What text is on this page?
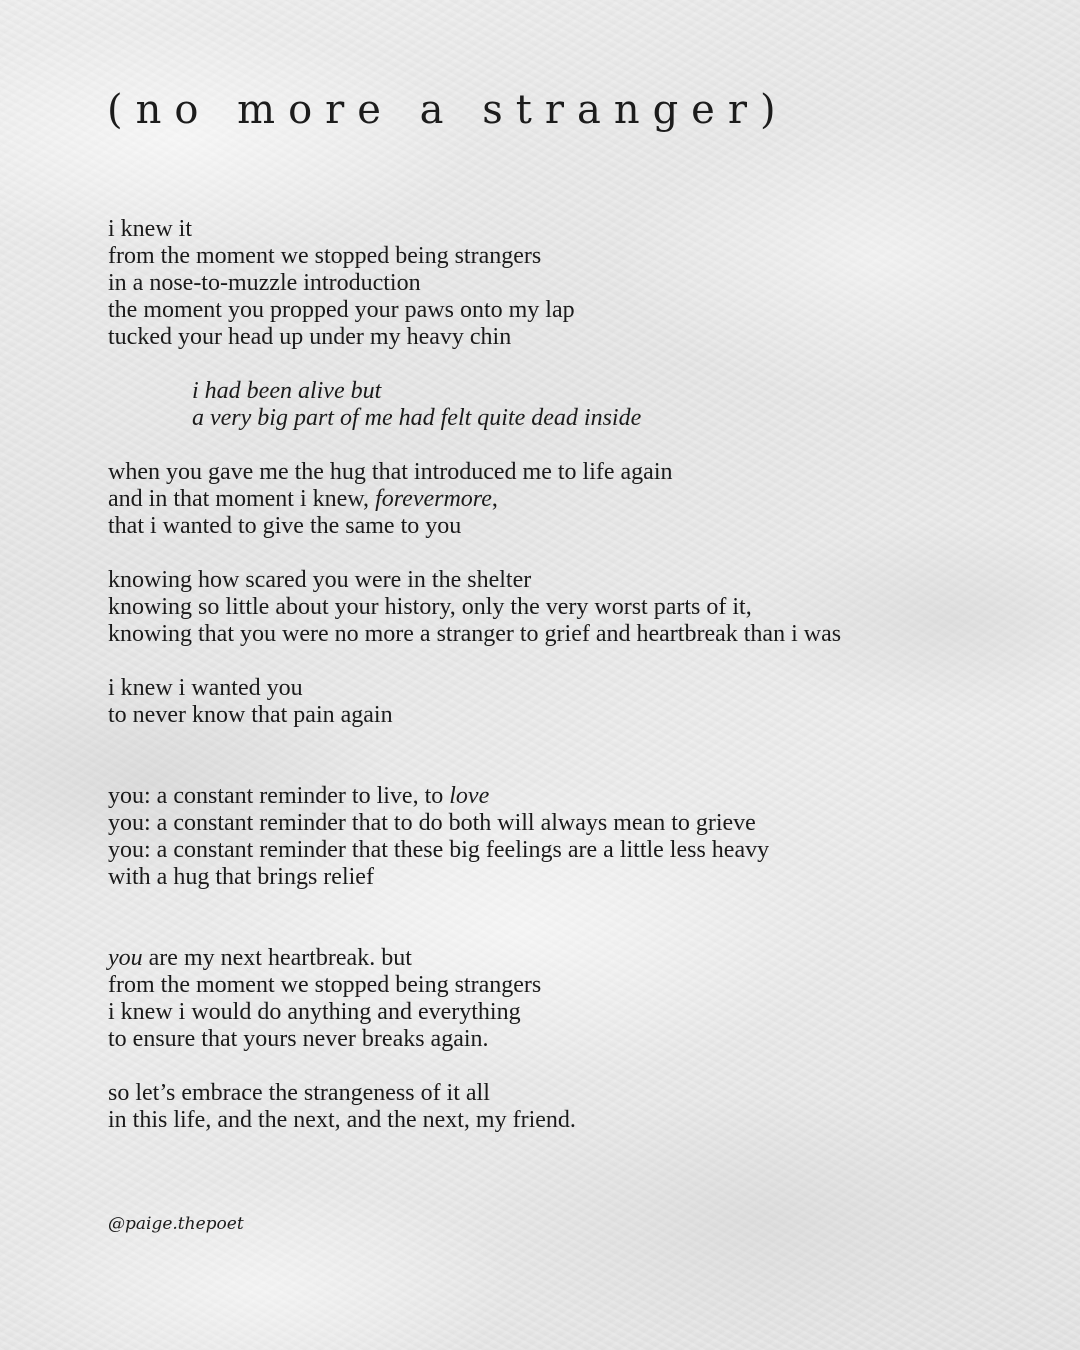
(no more a stranger)
i knew it
from the moment we stopped being strangers
in a nose-to-muzzle introduction
the moment you propped your paws onto my lap
tucked your head up under my heavy chin
i had been alive but
a very big part of me had felt quite dead inside
when you gave me the hug that introduced me to life again
and in that moment i knew, forevermore,
that i wanted to give the same to you
knowing how scared you were in the shelter
knowing so little about your history, only the very worst parts of it,
knowing that you were no more a stranger to grief and heartbreak than i was
i knew i wanted you
to never know that pain again
you: a constant reminder to live, to love
you: a constant reminder that to do both will always mean to grieve
you: a constant reminder that these big feelings are a little less heavy
with a hug that brings relief
you are my next heartbreak. but
from the moment we stopped being strangers
i knew i would do anything and everything
to ensure that yours never breaks again.
so let’s embrace the strangeness of it all
in this life, and the next, and the next, my friend.
@paige.thepoet
